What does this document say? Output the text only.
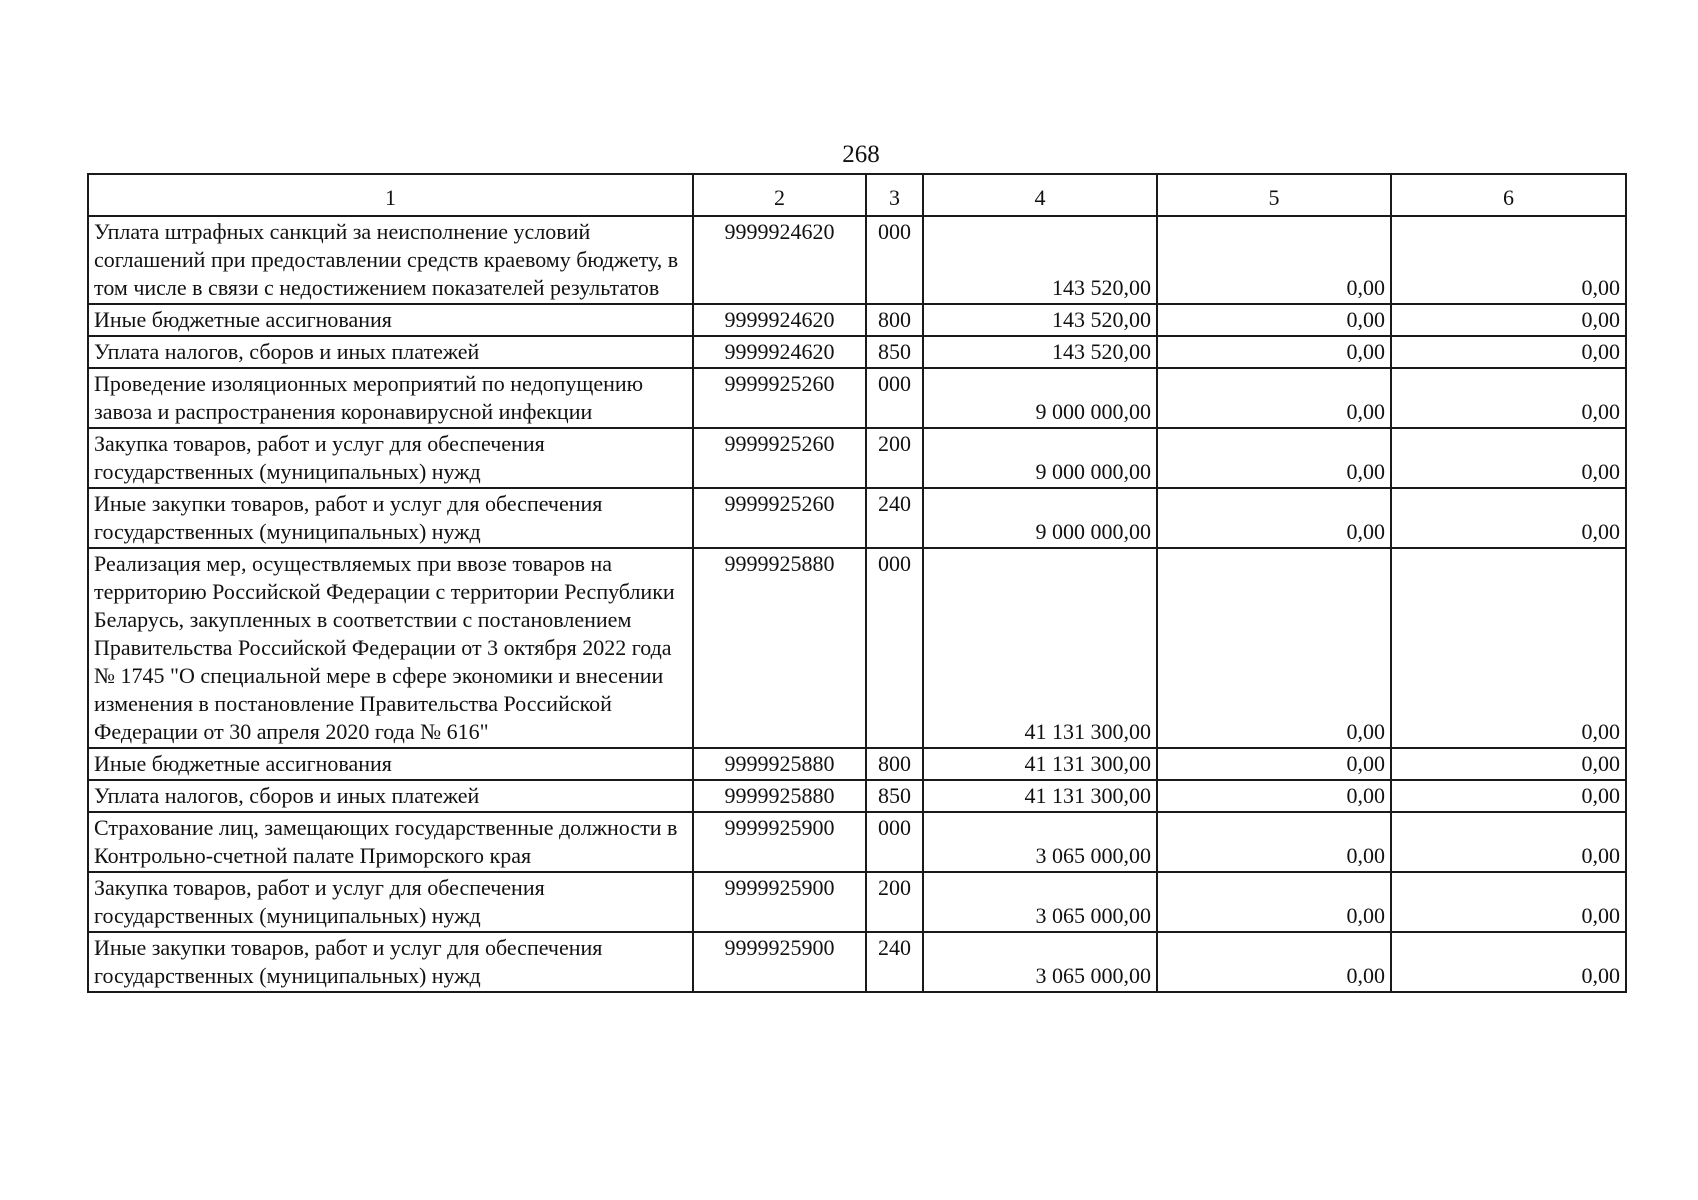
268
1	2	3	4	5	6
Уплата штрафных санкций за неисполнение условий соглашений при предоставлении средств краевому бюджету, в том числе в связи с недостижением показателей результатов	9999924620	000	143 520,00	0,00	0,00
Иные бюджетные ассигнования	9999924620	800	143 520,00	0,00	0,00
Уплата налогов, сборов и иных платежей	9999924620	850	143 520,00	0,00	0,00
Проведение изоляционных мероприятий по недопущению завоза и распространения коронавирусной инфекции	9999925260	000	9 000 000,00	0,00	0,00
Закупка товаров, работ и услуг для обеспечения государственных (муниципальных) нужд	9999925260	200	9 000 000,00	0,00	0,00
Иные закупки товаров, работ и услуг для обеспечения государственных (муниципальных) нужд	9999925260	240	9 000 000,00	0,00	0,00
Реализация мер, осуществляемых при ввозе товаров на территорию Российской Федерации с территории Республики Беларусь, закупленных в соответствии с постановлением Правительства Российской Федерации от 3 октября 2022 года № 1745 "О специальной мере в сфере экономики и внесении изменения в постановление Правительства Российской Федерации от 30 апреля 2020 года № 616"	9999925880	000	41 131 300,00	0,00	0,00
Иные бюджетные ассигнования	9999925880	800	41 131 300,00	0,00	0,00
Уплата налогов, сборов и иных платежей	9999925880	850	41 131 300,00	0,00	0,00
Страхование лиц, замещающих государственные должности в Контрольно-счетной палате Приморского края	9999925900	000	3 065 000,00	0,00	0,00
Закупка товаров, работ и услуг для обеспечения государственных (муниципальных) нужд	9999925900	200	3 065 000,00	0,00	0,00
Иные закупки товаров, работ и услуг для обеспечения государственных (муниципальных) нужд	9999925900	240	3 065 000,00	0,00	0,00
